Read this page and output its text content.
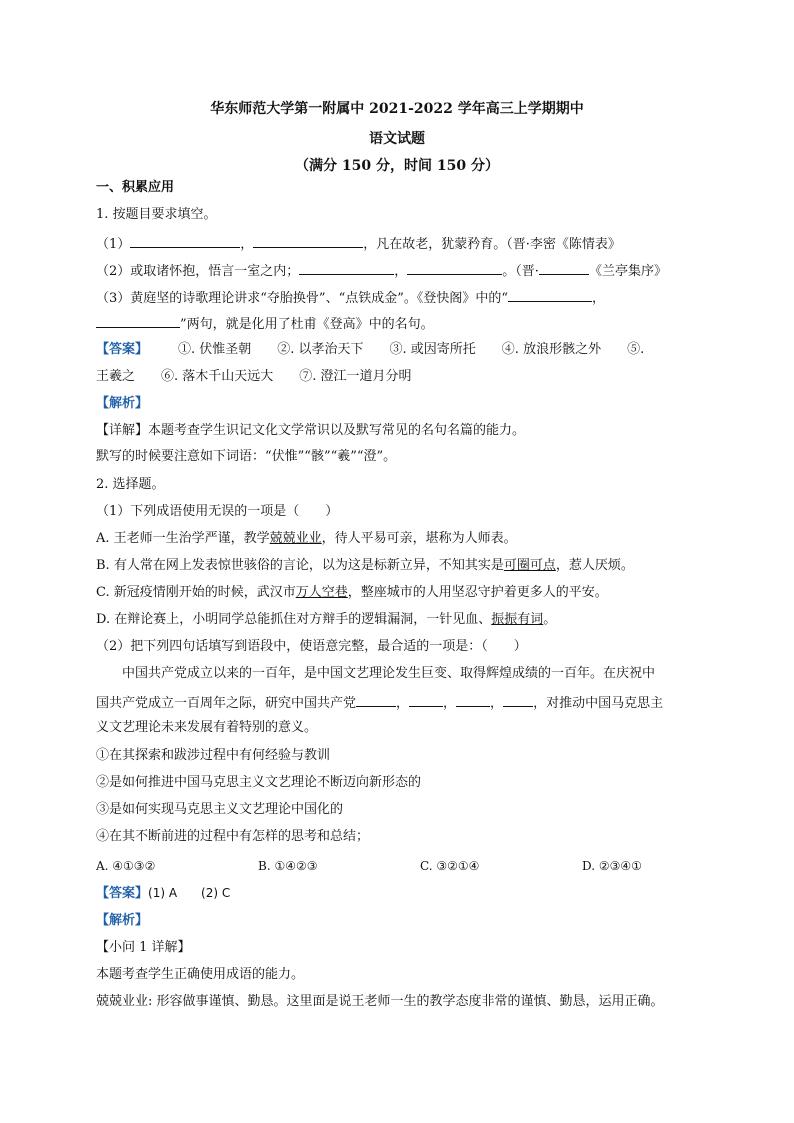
华东师范大学第一附属中 2021-2022 学年高三上学期期中
语文试题
（满分 150 分，时间 150 分）
一、积累应用
1. 按题目要求填空。
（1）	，	，凡在故老，犹蒙矜育。（晋·李密《陈情表》
（2）或取诸怀抱，悟言一室之内；	，	。（晋·	《兰亭集序》
（3）黄庭坚的诗歌理论讲求“夺胎换骨”、“点铁成金”。《登快阁》中的“	，
”两句，就是化用了杜甫《登高》中的名句。
【答案】 ①. 伏惟圣朝　　②. 以孝治天下　　③. 或因寄所托　　④. 放浪形骸之外　　⑤.
王羲之　　⑥. 落木千山天远大　　⑦. 澄江一道月分明
【解析】
【详解】本题考查学生识记文化文学常识以及默写常见的名句名篇的能力。
默写的时候要注意如下词语：“伏惟”“骸”“羲”“澄”。
2. 选择题。
（1）下列成语使用无误的一项是（　　）
A. 王老师一生治学严谨，教学兢兢业业，待人平易可亲，堪称为人师表。
B. 有人常在网上发表惊世骇俗的言论，以为这是标新立异，不知其实是可圈可点，惹人厌烦。
C. 新冠疫情刚开始的时候，武汉市万人空巷，整座城市的人用坚忍守护着更多人的平安。
D. 在辩论赛上，小明同学总能抓住对方辩手的逻辑漏洞，一针见血、振振有词。
（2）把下列四句话填写到语段中，使语意完整，最合适的一项是：（　　）
中国共产党成立以来的一百年，是中国文艺理论发生巨变、取得辉煌成绩的一百年。在庆祝中
国共产党成立一百周年之际，研究中国共产党	，	，	， ，对推动中国马克思主
义文艺理论未来发展有着特别的意义。
①在其探索和跋涉过程中有何经验与教训
②是如何推进中国马克思主义文艺理论不断迈向新形态的
③是如何实现马克思主义文艺理论中国化的
④在其不断前进的过程中有怎样的思考和总结；
A. ④①③②	B. ①④②③	C. ③②①④	D. ②③④①
【答案】(1) A　　(2) C
【解析】
【小问 1 详解】
本题考查学生正确使用成语的能力。
兢兢业业: 形容做事谨慎、勤恳。这里面是说王老师一生的教学态度非常的谨慎、勤恳，运用正确。
